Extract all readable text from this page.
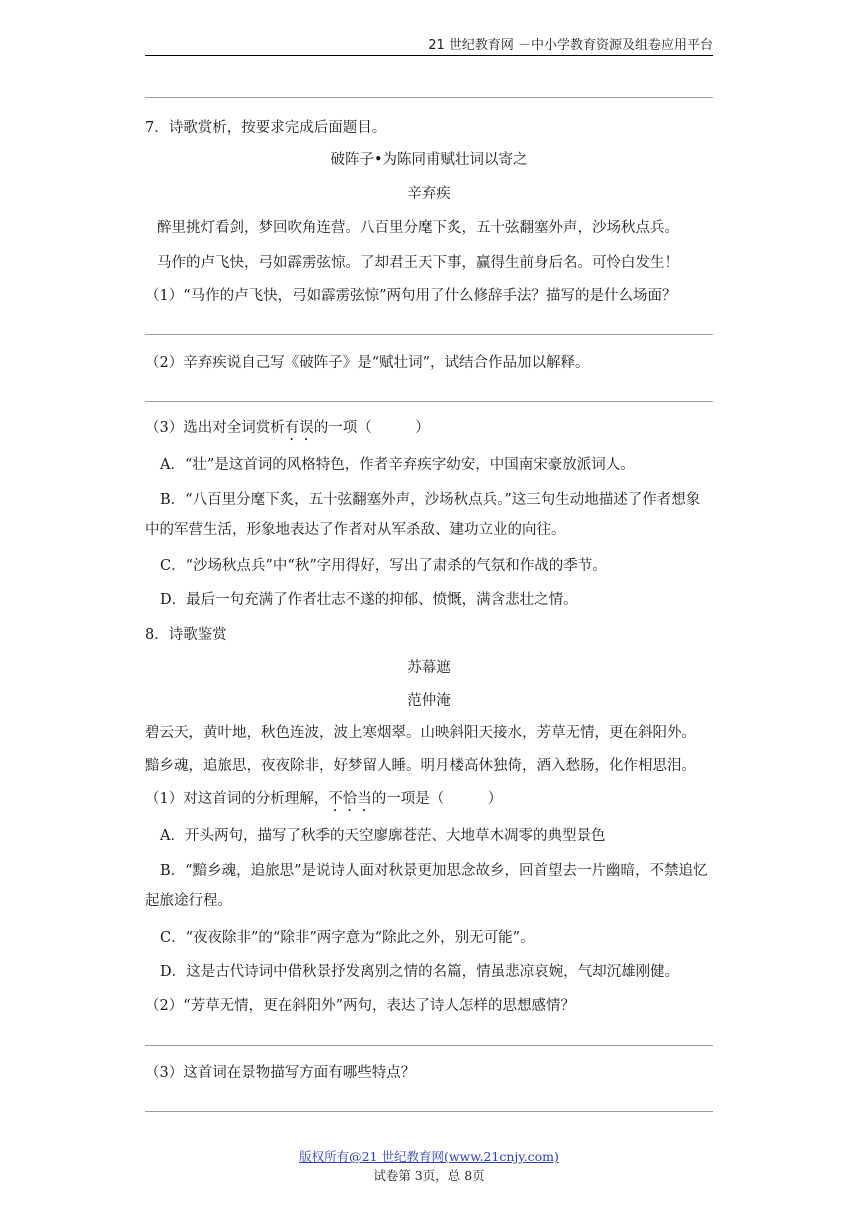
21 世纪教育网 －中小学教育资源及组卷应用平台
7．诗歌赏析，按要求完成后面题目。
破阵子•为陈同甫赋壮词以寄之
辛弃疾
醉里挑灯看剑，梦回吹角连营。八百里分麾下炙，五十弦翻塞外声，沙场秋点兵。
马作的卢飞快，弓如霹雳弦惊。了却君王天下事，赢得生前身后名。可怜白发生！
（1）“马作的卢飞快，弓如霹雳弦惊”两句用了什么修辞手法？描写的是什么场面？
（2）辛弃疾说自己写《破阵子》是“赋壮词”，试结合作品加以解释。
（3）选出对全词赏析有误的一项（　　　）
A．“壮”是这首词的风格特色，作者辛弃疾字幼安，中国南宋豪放派词人。
B．“八百里分麾下炙，五十弦翻塞外声，沙场秋点兵。”这三句生动地描述了作者想象中的军营生活，形象地表达了作者对从军杀敌、建功立业的向往。
C．“沙场秋点兵”中“秋”字用得好，写出了肃杀的气氛和作战的季节。
D．最后一句充满了作者壮志不遂的抑郁、愤慨，满含悲壮之情。
8．诗歌鉴赏
苏幕遮
范仲淹
碧云天，黄叶地，秋色连波，波上寒烟翠。山映斜阳天接水，芳草无情，更在斜阳外。
黯乡魂，追旅思，夜夜除非，好梦留人睡。明月楼高休独倚，酒入愁肠，化作相思泪。
（1）对这首词的分析理解，不恰当的一项是（　　　）
A．开头两句，描写了秋季的天空廖廓苍茫、大地草木凋零的典型景色
B．“黯乡魂，追旅思”是说诗人面对秋景更加思念故乡，回首望去一片幽暗，不禁追忆起旅途行程。
C．“夜夜除非”的“除非”两字意为“除此之外，别无可能”。
D．这是古代诗词中借秋景抒发离别之情的名篇，情虽悲凉哀婉，气却沉雄刚健。
（2）“芳草无情，更在斜阳外”两句，表达了诗人怎样的思想感情？
（3）这首词在景物描写方面有哪些特点？
版权所有@21 世纪教育网(www.21cnjy.com)
试卷第 3页，总 8页
